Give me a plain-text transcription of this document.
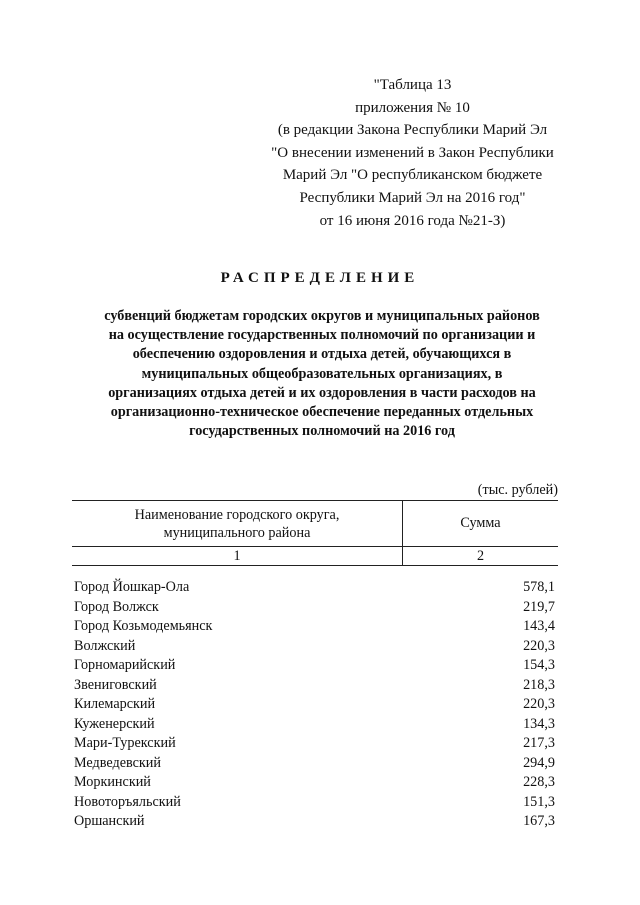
"Таблица 13
приложения № 10
(в редакции Закона Республики Марий Эл
"О внесении изменений в Закон Республики
Марий Эл "О республиканском бюджете
Республики Марий Эл на 2016 год"
от 16 июня 2016 года №21-З)
РАСПРЕДЕЛЕНИЕ
субвенций бюджетам городских округов и муниципальных районов
на осуществление государственных полномочий по организации и
обеспечению оздоровления и отдыха детей, обучающихся в
муниципальных общеобразовательных организациях, в
организациях отдыха детей и их оздоровления в части расходов на
организационно-техническое обеспечение переданных отдельных
государственных полномочий на 2016 год
(тыс. рублей)
Наименование городского округа,
муниципального района
Сумма
1	2
Город Йошкар-Ола	578,1
Город Волжск	219,7
Город Козьмодемьянск	143,4
Волжский	220,3
Горномарийский	154,3
Звениговский	218,3
Килемарский	220,3
Куженерский	134,3
Мари-Турекский	217,3
Медведевский	294,9
Моркинский	228,3
Новоторъяльский	151,3
Оршанский	167,3
